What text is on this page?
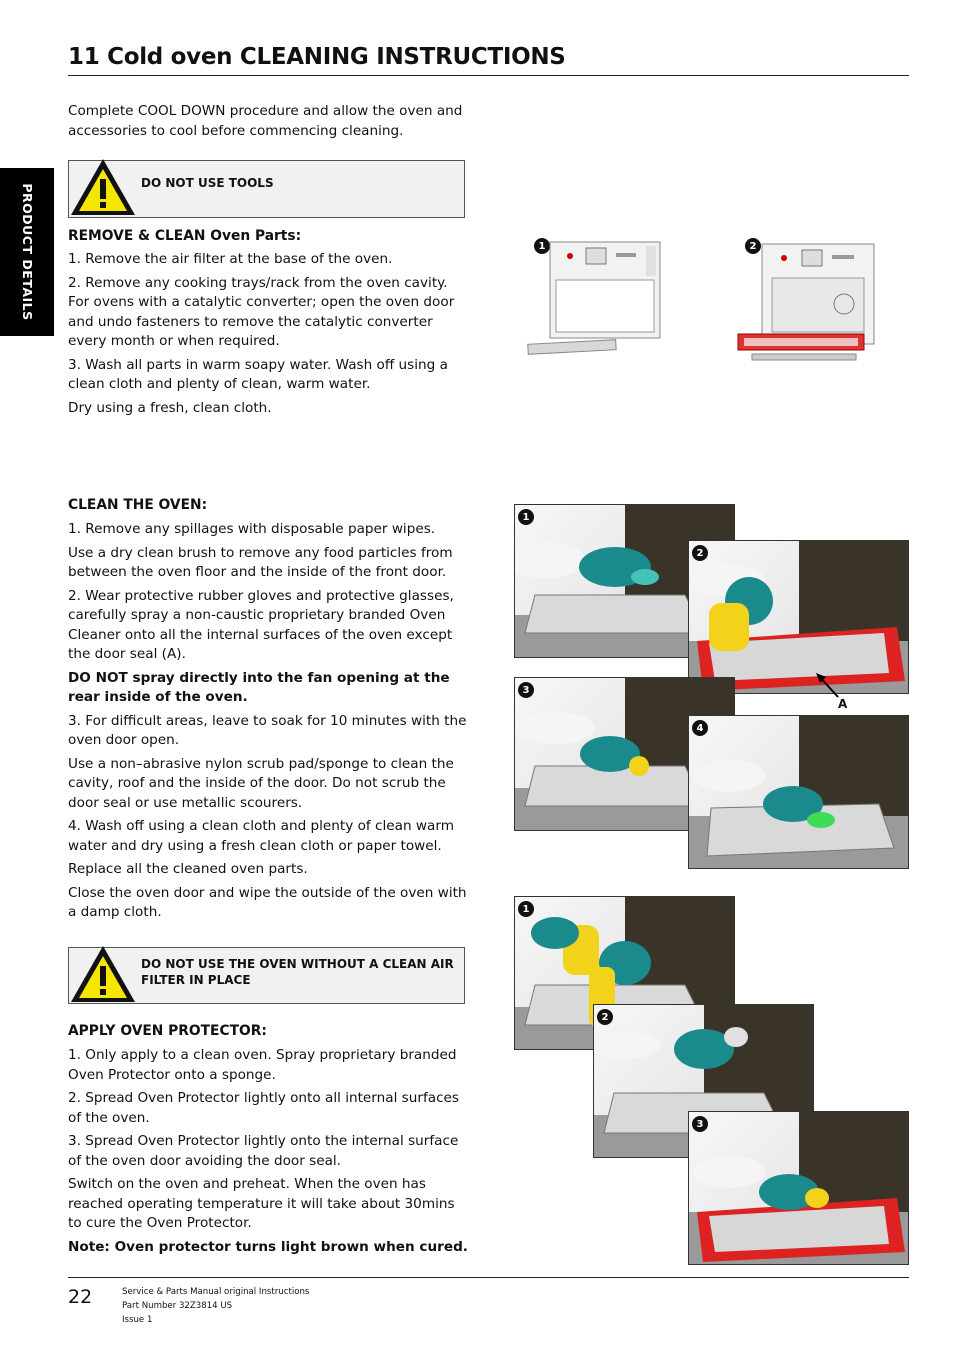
11 Cold oven CLEANING INSTRUCTIONS
PRODUCT DETAILS

Complete COOL DOWN procedure and allow the oven and accessories to cool before commencing cleaning.

DO NOT USE TOOLS
REMOVE & CLEAN Oven Parts:

1. Remove the air filter at the base of the oven.

2. Remove any cooking trays/rack from the oven cavity. For ovens with a catalytic converter; open the oven door and undo fasteners to remove the catalytic converter every month or when required.

3. Wash all parts in warm soapy water. Wash off using a clean cloth and plenty of clean, warm water.

Dry using a fresh, clean cloth.

1	2
CLEAN THE OVEN:

1. Remove any spillages with disposable paper wipes.

Use a dry clean brush to remove any food particles from between the oven floor and the inside of the front door.

2. Wear protective rubber gloves and protective glasses, carefully spray a non-caustic proprietary branded Oven Cleaner onto all the internal surfaces of the oven except the door seal (A).

DO NOT spray directly into the fan opening at the rear inside of the oven.

3. For difficult areas, leave to soak for 10 minutes with the oven door open.

Use a non–abrasive nylon scrub pad/sponge to clean the cavity, roof and the inside of the door. Do not scrub the door seal or use metallic scourers.

4. Wash off using a clean cloth and plenty of clean warm water and dry using a fresh clean cloth or paper towel.

Replace all the cleaned oven parts.

Close the oven door and wipe the outside of the oven with a damp cloth.

DO NOT USE THE OVEN WITHOUT A CLEAN AIR FILTER IN PLACE
APPLY OVEN PROTECTOR:

1. Only apply to a clean oven. Spray proprietary branded Oven Protector onto a sponge.

2. Spread Oven Protector lightly onto all internal surfaces of the oven.

3. Spread Oven Protector lightly onto the internal surface of the oven door avoiding the door seal.

Switch on the oven and preheat. When the oven has reached operating temperature it will take about 30mins to cure the Oven Protector.

Note: Oven protector turns light brown when cured.

1
2
A
3
4
1
2
3
22	Service & Parts Manual original Instructions
Part Number 32Z3814 US
Issue 1
